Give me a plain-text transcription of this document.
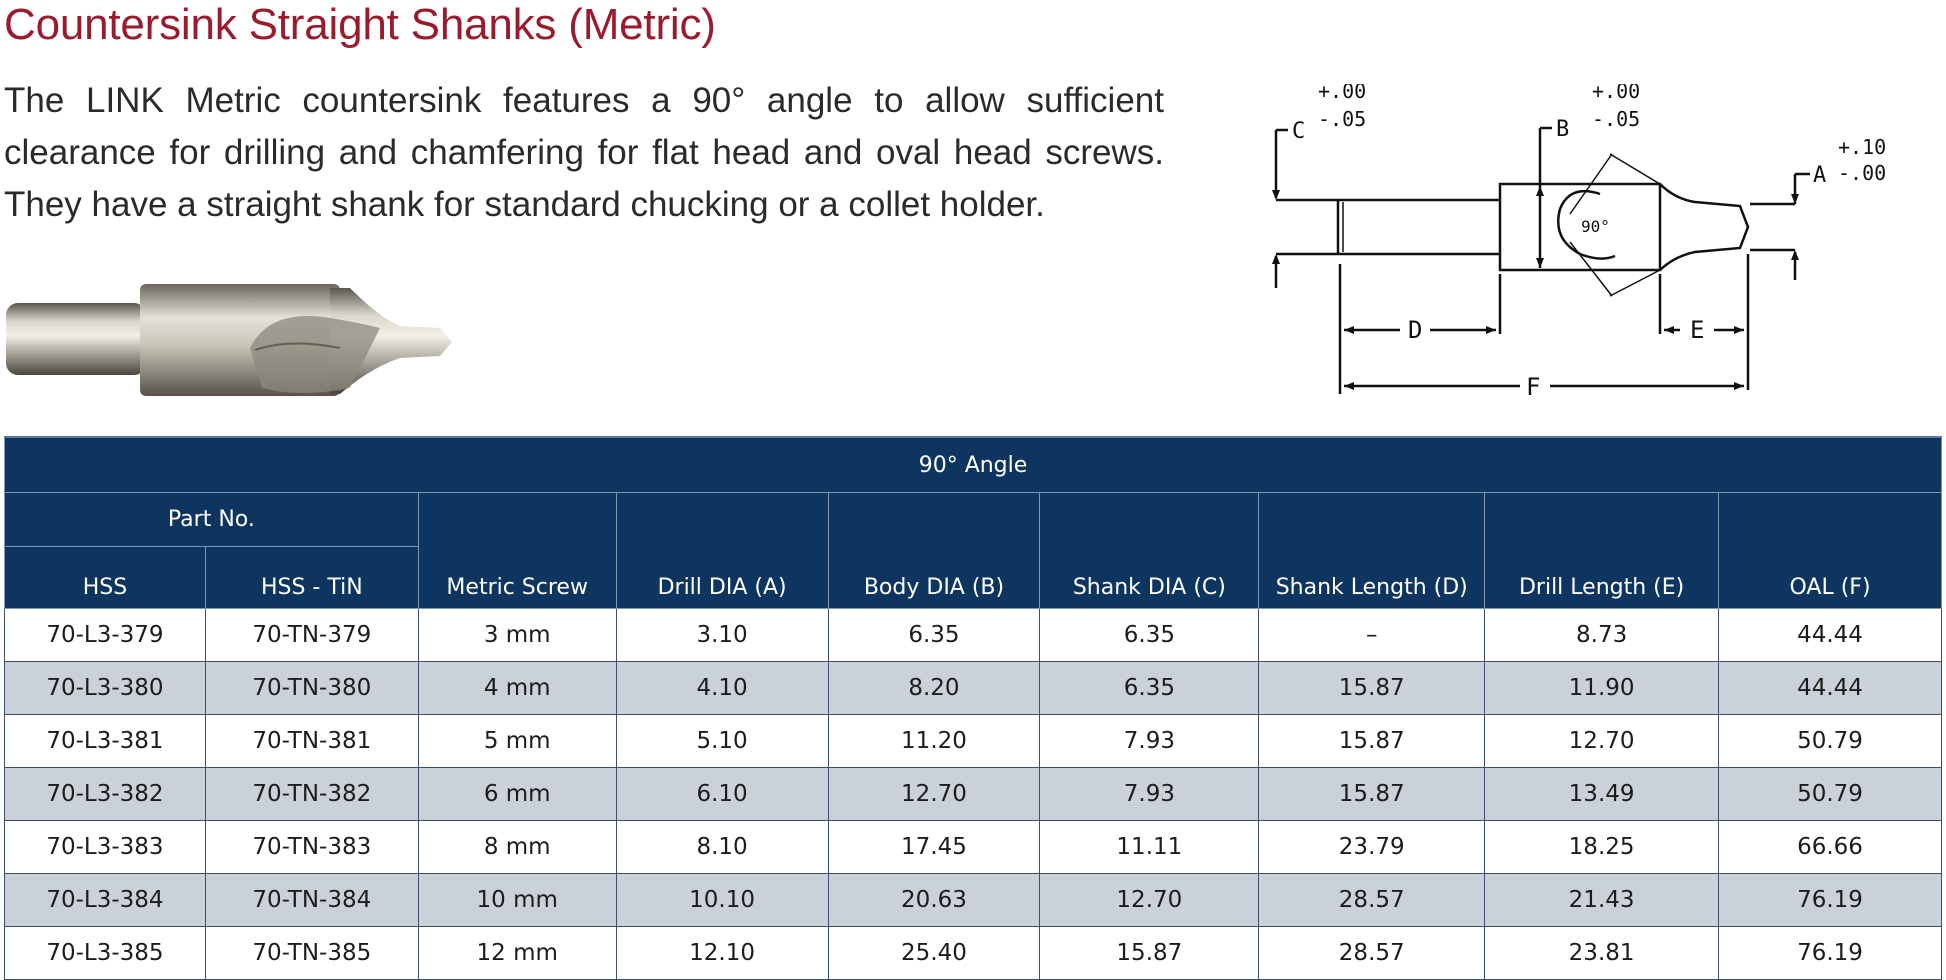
Countersink Straight Shanks (Metric)

The LINK Metric countersink features a 90° angle to allow sufficient clearance for drilling and chamfering for flat head and oval head screws. They have a straight shank for standard chucking or a collet holder.

C
+.00
-.05	B
+.00
-.05
A
+.10
-.00
90°
D	E
F
90° Angle								
Part No.		Metric Screw	Drill DIA (A)	Body DIA (B)	Shank DIA (C)	Shank Length (D)	Drill Length (E)	OAL (F)
HSS	HSS - TiN							
70-L3-379	70-TN-379	3 mm	3.10	6.35	6.35	–	8.73	44.44
70-L3-380	70-TN-380	4 mm	4.10	8.20	6.35	15.87	11.90	44.44
70-L3-381	70-TN-381	5 mm	5.10	11.20	7.93	15.87	12.70	50.79
70-L3-382	70-TN-382	6 mm	6.10	12.70	7.93	15.87	13.49	50.79
70-L3-383	70-TN-383	8 mm	8.10	17.45	11.11	23.79	18.25	66.66
70-L3-384	70-TN-384	10 mm	10.10	20.63	12.70	28.57	21.43	76.19
70-L3-385	70-TN-385	12 mm	12.10	25.40	15.87	28.57	23.81	76.19
